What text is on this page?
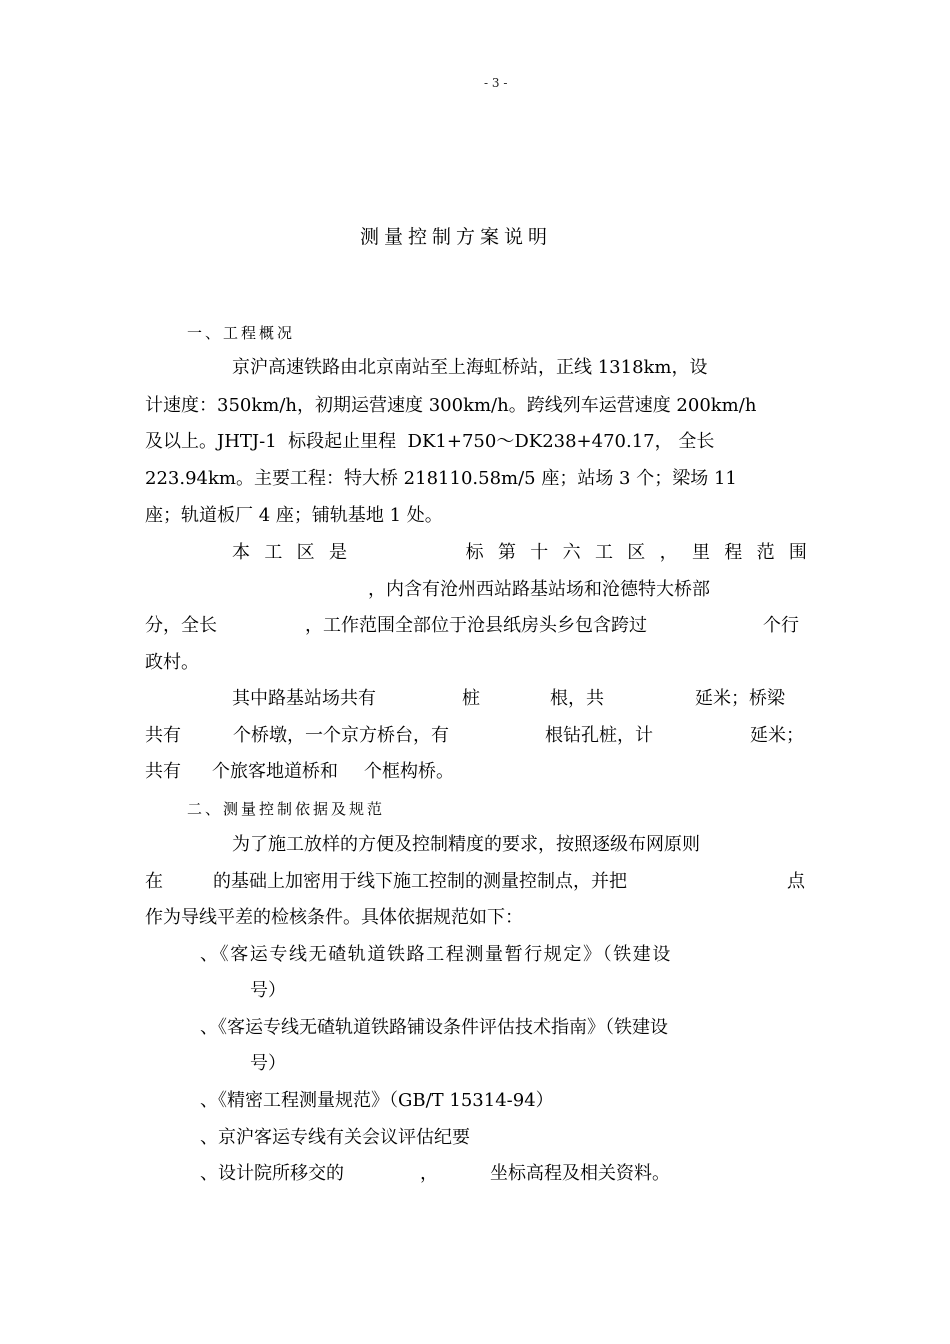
- 3 -
测量控制方案说明
一、工程概况
京沪高速铁路由北京南站至上海虹桥站，正线 1318km，设
计速度：350km/h，初期运营速度 300km/h。跨线列车运营速度 200km/h
及以上。JHTJ-1  标段起止里程  DK1+750～DK238+470.17， 全长
223.94km。主要工程：特大桥 218110.58m/5 座；站场 3 个；梁场 11
座；轨道板厂 4 座；铺轨基地 1 处。
本 工 区 是	标 第 十 六 工 区 ， 里 程 范 围
，内含有沧州西站路基站场和沧德特大桥部
分，全长	，工作范围全部位于沧县纸房头乡包含跨过	个行
政村。
其中路基站场共有	桩	根，共	延米；桥梁
共有	个桥墩，一个京方桥台，有	根钻孔桩，计	延米；
共有 个旅客地道桥和 个框构桥。
二、测量控制依据及规范
为了施工放样的方便及控制精度的要求，按照逐级布网原则
在	的基础上加密用于线下施工控制的测量控制点，并把	点
作为导线平差的检核条件。具体依据规范如下：
、《客运专线无碴轨道铁路工程测量暂行规定》（铁建设
号）
、《客运专线无碴轨道铁路铺设条件评估技术指南》（铁建设
号）
、《精密工程测量规范》（GB/T 15314-94）
、京沪客运专线有关会议评估纪要
、设计院所移交的	，	坐标高程及相关资料。
